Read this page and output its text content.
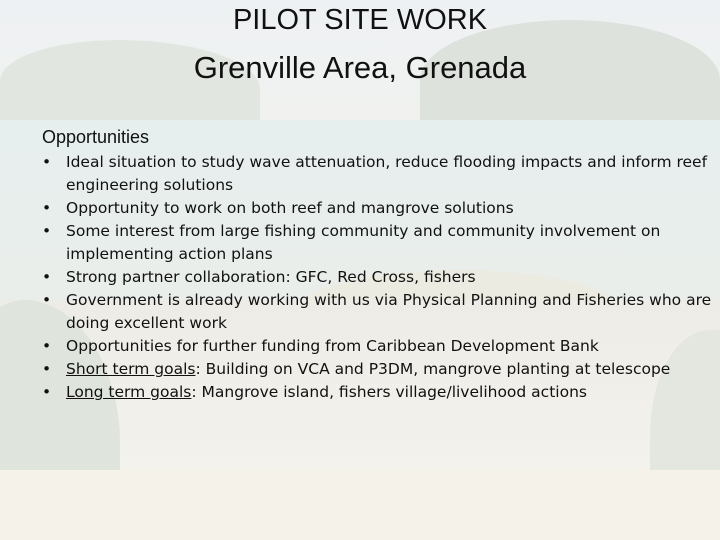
PILOT SITE WORK
Grenville Area, Grenada
Opportunities
• Ideal situation to study wave attenuation, reduce flooding impacts and inform reef engineering solutions
• Opportunity to work on both reef and mangrove solutions
• Some interest from large fishing community and community involvement on implementing action plans
• Strong partner collaboration: GFC, Red Cross, fishers
• Government is already working with us via Physical Planning and Fisheries who are doing excellent work
• Opportunities for further funding from Caribbean Development Bank
• Short term goals: Building on VCA and P3DM, mangrove planting at telescope
• Long term goals: Mangrove island, fishers village/livelihood actions
